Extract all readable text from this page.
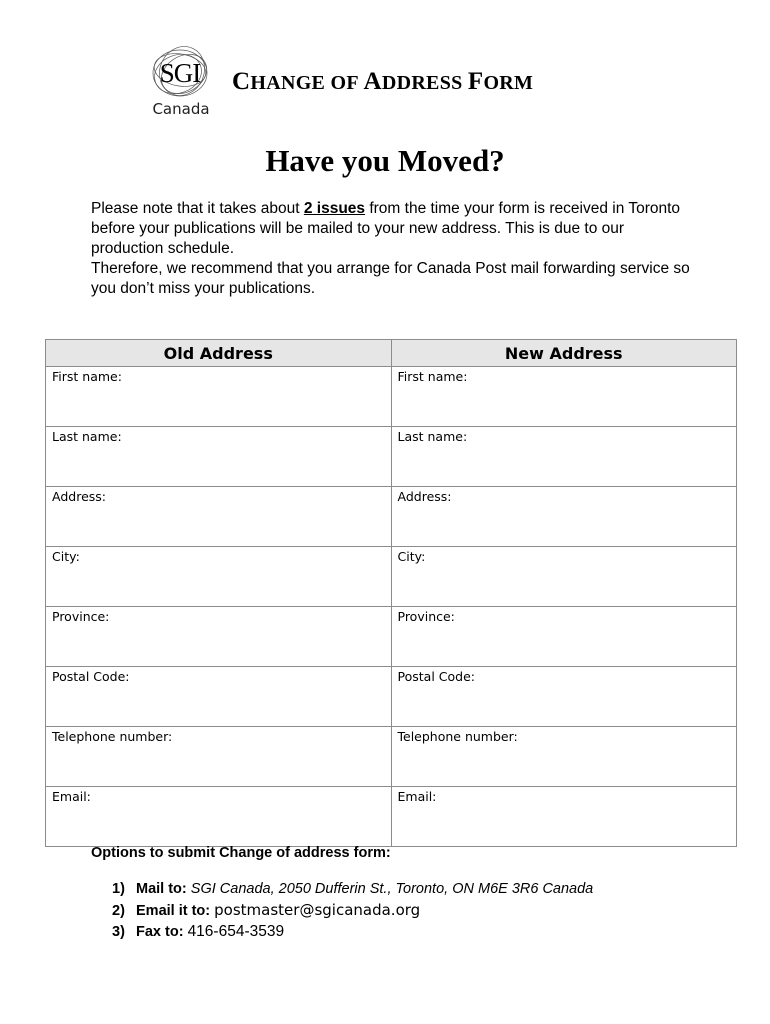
SGI
Canada
CHANGE OF ADDRESS FORM
Have you Moved?

Please note that it takes about 2 issues from the time your form is received in Toronto before your publications will be mailed to your new address. This is due to our production schedule.

Therefore, we recommend that you arrange for Canada Post mail forwarding service so you don’t miss your publications.

Old Address	New Address
First name:	First name:
Last name:	Last name:
Address:	Address:
City:	City:
Province:	Province:
Postal Code:	Postal Code:
Telephone number:	Telephone number:
Email:	Email:
Options to submit Change of address form:
1) Mail to: SGI Canada, 2050 Dufferin St., Toronto, ON M6E 3R6 Canada
2) Email it to: postmaster@sgicanada.org
3) Fax to: 416-654-3539
